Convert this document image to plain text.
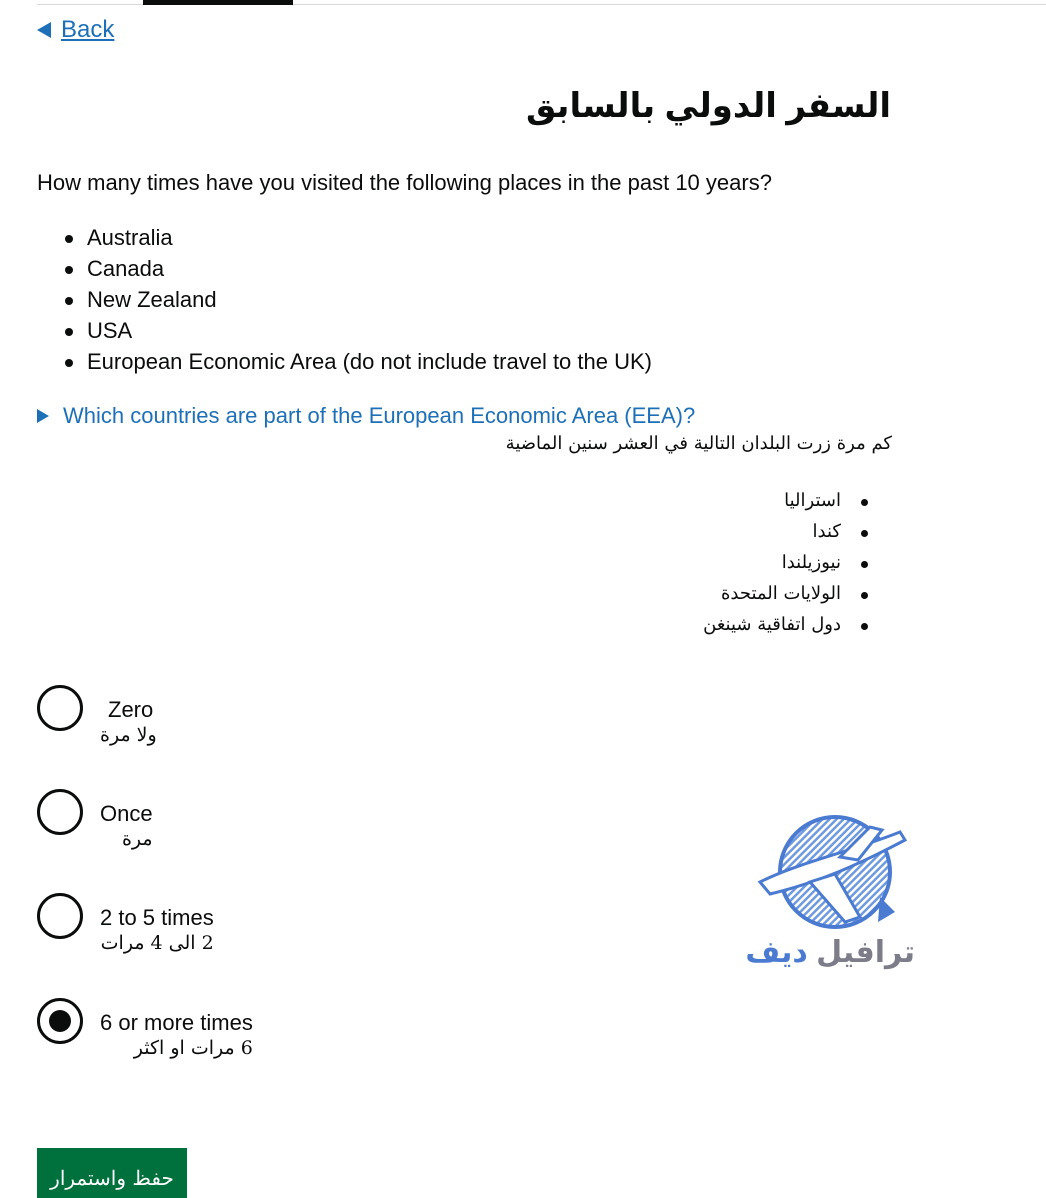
Back
السفر الدولي بالسابق

How many times have you visited the following places in the past 10 years?

Australia
Canada
New Zealand
USA
European Economic Area (do not include travel to the UK)
Which countries are part of the European Economic Area (EEA)?

كم مرة زرت البلدان التالية في العشر سنين الماضية

استراليا
كندا
نيوزيلندا
الولايات المتحدة
دول اتفاقية شينغن
Zero
ولا مرة
Once
مرة
2 to 5 times
2 الى 4 مرات
6 or more times
6 مرات او اكثر
ترافيل ديف
حفظ واستمرار
